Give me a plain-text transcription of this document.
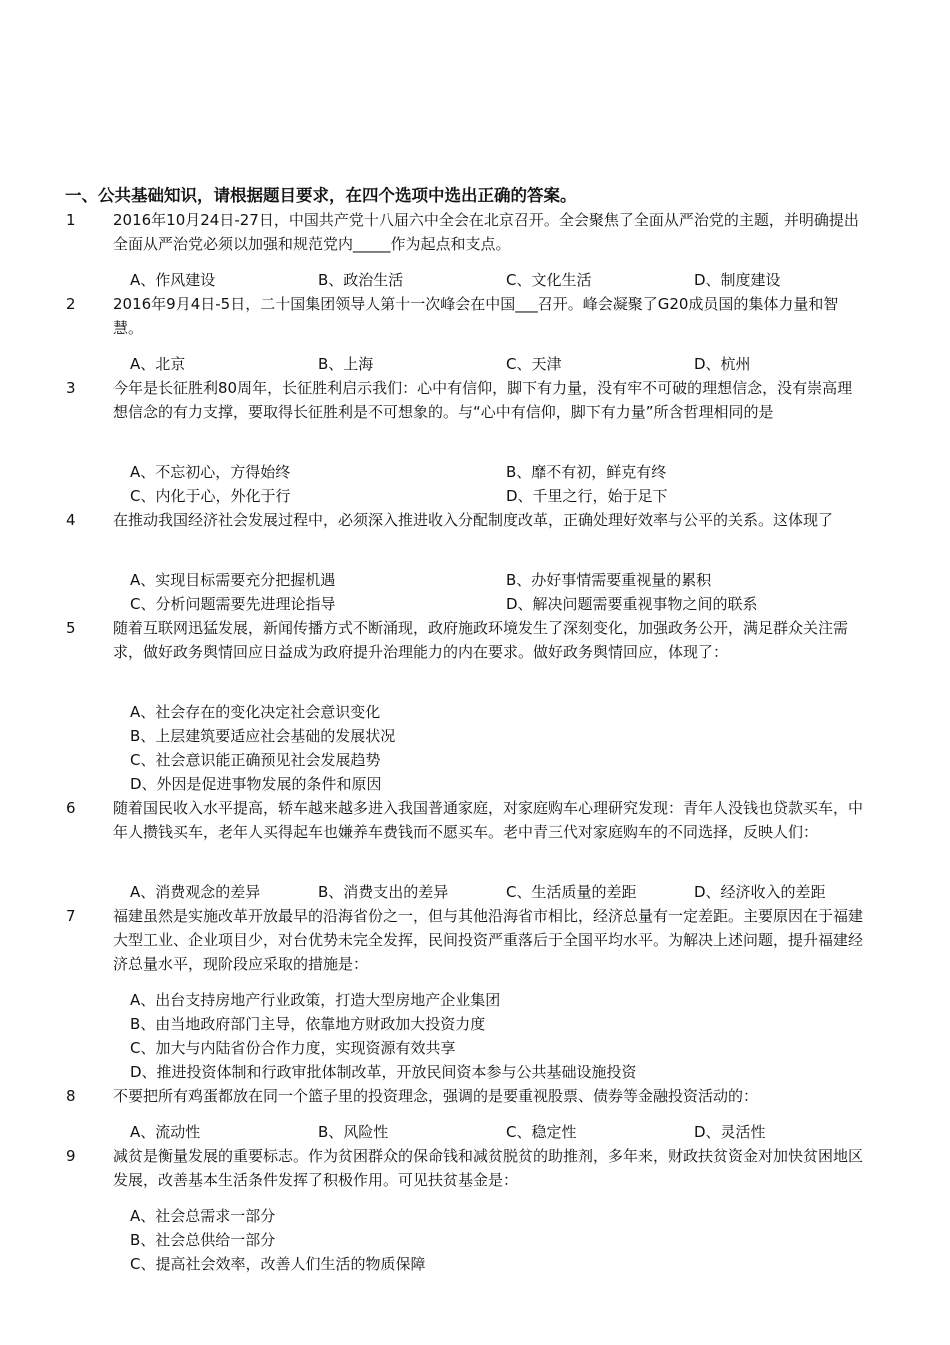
一、公共基础知识，请根据题目要求，在四个选项中选出正确的答案。
1 2016年10月24日-27日，中国共产党十八届六中全会在北京召开。全会聚焦了全面从严治党的主题，并明确提出全面从严治党必须以加强和规范党内_____作为起点和支点。
A、作风建设	B、政治生活	C、文化生活	D、制度建设
2 2016年9月4日-5日，二十国集团领导人第十一次峰会在中国___召开。峰会凝聚了G20成员国的集体力量和智慧。
A、北京	B、上海	C、天津	D、杭州
3 今年是长征胜利80周年，长征胜利启示我们：心中有信仰，脚下有力量，没有牢不可破的理想信念，没有崇高理想信念的有力支撑，要取得长征胜利是不可想象的。与“心中有信仰，脚下有力量”所含哲理相同的是
A、不忘初心，方得始终	B、靡不有初，鲜克有终
C、内化于心，外化于行	D、千里之行，始于足下
4 在推动我国经济社会发展过程中，必须深入推进收入分配制度改革，正确处理好效率与公平的关系。这体现了
A、实现目标需要充分把握机遇	B、办好事情需要重视量的累积
C、分析问题需要先进理论指导	D、解决问题需要重视事物之间的联系
5 随着互联网迅猛发展，新闻传播方式不断涌现，政府施政环境发生了深刻变化，加强政务公开，满足群众关注需求，做好政务舆情回应日益成为政府提升治理能力的内在要求。做好政务舆情回应，体现了：
A、社会存在的变化决定社会意识变化
B、上层建筑要适应社会基础的发展状况
C、社会意识能正确预见社会发展趋势
D、外因是促进事物发展的条件和原因
6 随着国民收入水平提高，轿车越来越多进入我国普通家庭，对家庭购车心理研究发现：青年人没钱也贷款买车，中年人攒钱买车，老年人买得起车也嫌养车费钱而不愿买车。老中青三代对家庭购车的不同选择，反映人们：
A、消费观念的差异	B、消费支出的差异	C、生活质量的差距	D、经济收入的差距
7 福建虽然是实施改革开放最早的沿海省份之一，但与其他沿海省市相比，经济总量有一定差距。主要原因在于福建大型工业、企业项目少，对台优势未完全发挥，民间投资严重落后于全国平均水平。为解决上述问题，提升福建经济总量水平，现阶段应采取的措施是：
A、出台支持房地产行业政策，打造大型房地产企业集团
B、由当地政府部门主导，依靠地方财政加大投资力度
C、加大与内陆省份合作力度，实现资源有效共享
D、推进投资体制和行政审批体制改革，开放民间资本参与公共基础设施投资
8 不要把所有鸡蛋都放在同一个篮子里的投资理念，强调的是要重视股票、债券等金融投资活动的：
A、流动性	B、风险性	C、稳定性	D、灵活性
9 减贫是衡量发展的重要标志。作为贫困群众的保命钱和减贫脱贫的助推剂，多年来，财政扶贫资金对加快贫困地区发展，改善基本生活条件发挥了积极作用。可见扶贫基金是：
A、社会总需求一部分
B、社会总供给一部分
C、提高社会效率，改善人们生活的物质保障
